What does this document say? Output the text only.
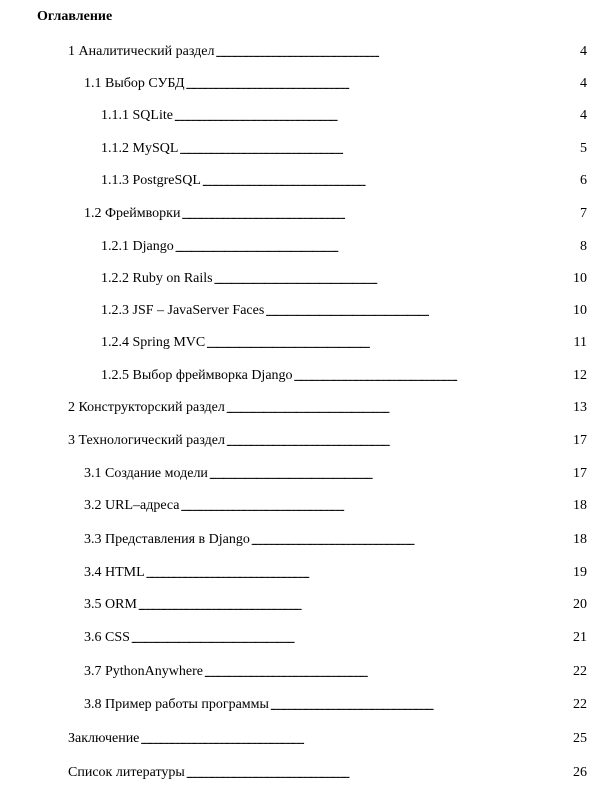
Оглавление
1 Аналитический раздел . . .	4
1.1 Выбор СУБД . . .	4
1.1.1 SQLite . . .	4
1.1.2 MySQL . . .	5
1.1.3 PostgreSQL . . .	6
1.2 Фреймворки . . .	7
1.2.1 Django . . .	8
1.2.2 Ruby on Rails . . .	10
1.2.3 JSF – JavaServer Faces . . .	10
1.2.4 Spring MVC . . .	11
1.2.5 Выбор фреймворка Django . . .	12
2 Конструкторский раздел . . .	13
3 Технологический раздел . . .	17
3.1 Создание модели . . .	17
3.2 URL–адреса . . .	18
3.3 Представления в Django . . .	18
3.4 HTML . . .	19
3.5 ORM . . .	20
3.6 CSS . . .	21
3.7 PythonAnywhere . . .	22
3.8 Пример работы программы . . .	22
Заключение . . .	25
Список литературы . . .	26
